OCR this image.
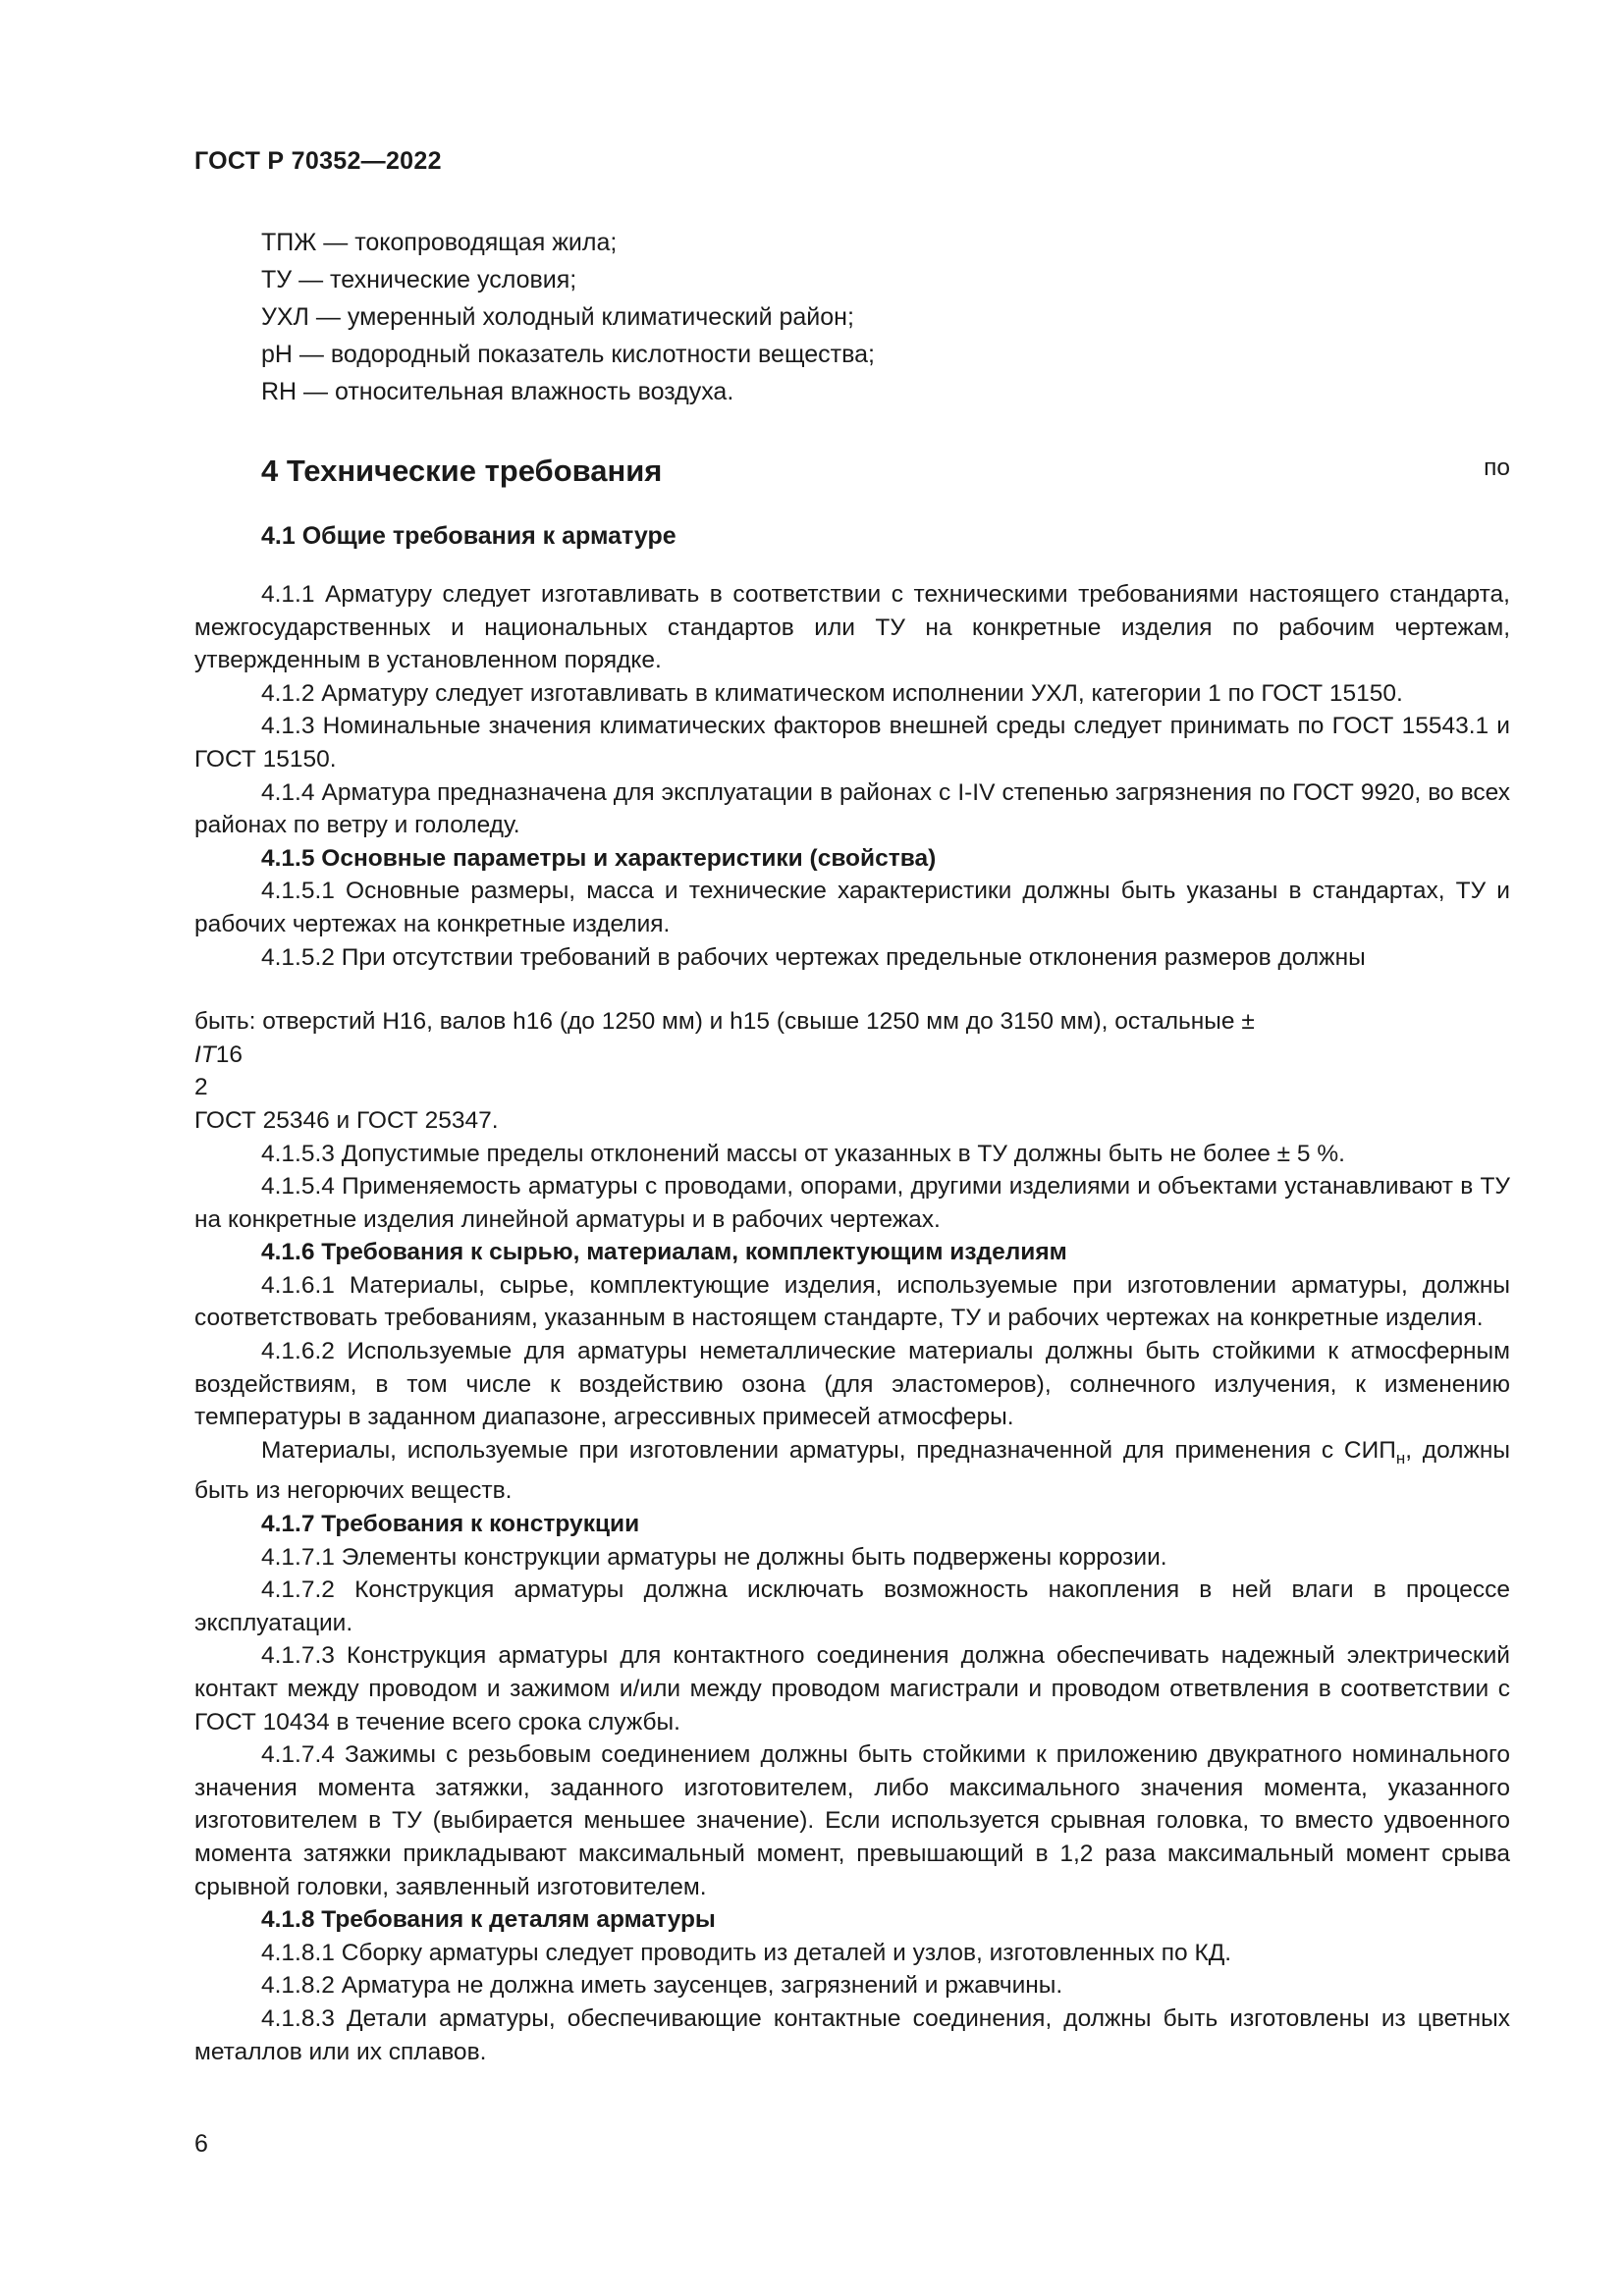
ГОСТ Р 70352—2022
ТПЖ — токопроводящая жила;
ТУ — технические условия;
УХЛ — умеренный холодный климатический район;
pH — водородный показатель кислотности вещества;
RH — относительная влажность воздуха.
4 Технические требования
4.1 Общие требования к арматуре

4.1.1 Арматуру следует изготавливать в соответствии с техническими требованиями настоящего стандарта, межгосударственных и национальных стандартов или ТУ на конкретные изделия по рабочим чертежам, утвержденным в установленном порядке.

4.1.2 Арматуру следует изготавливать в климатическом исполнении УХЛ, категории 1 по ГОСТ 15150.

4.1.3 Номинальные значения климатических факторов внешней среды следует принимать по ГОСТ 15543.1 и ГОСТ 15150.

4.1.4 Арматура предназначена для эксплуатации в районах с I-IV степенью загрязнения по ГОСТ 9920, во всех районах по ветру и гололеду.

4.1.5 Основные параметры и характеристики (свойства)

4.1.5.1 Основные размеры, масса и технические характеристики должны быть указаны в стандартах, ТУ и рабочих чертежах на конкретные изделия.

4.1.5.2 При отсутствии требований в рабочих чертежах предельные отклонения размеров должны

быть: отверстий H16, валов h16 (до 1250 мм) и h15 (свыше 1250 мм до 3150 мм), остальные ±

IT16
2
по

ГОСТ 25346 и ГОСТ 25347.

4.1.5.3 Допустимые пределы отклонений массы от указанных в ТУ должны быть не более ± 5 %.

4.1.5.4 Применяемость арматуры с проводами, опорами, другими изделиями и объектами устанавливают в ТУ на конкретные изделия линейной арматуры и в рабочих чертежах.

4.1.6 Требования к сырью, материалам, комплектующим изделиям

4.1.6.1 Материалы, сырье, комплектующие изделия, используемые при изготовлении арматуры, должны соответствовать требованиям, указанным в настоящем стандарте, ТУ и рабочих чертежах на конкретные изделия.

4.1.6.2 Используемые для арматуры неметаллические материалы должны быть стойкими к атмосферным воздействиям, в том числе к воздействию озона (для эластомеров), солнечного излучения, к изменению температуры в заданном диапазоне, агрессивных примесей атмосферы.

Материалы, используемые при изготовлении арматуры, предназначенной для применения с $СИП_н$, должны быть из негорючих веществ.

4.1.7 Требования к конструкции

4.1.7.1 Элементы конструкции арматуры не должны быть подвержены коррозии.

4.1.7.2 Конструкция арматуры должна исключать возможность накопления в ней влаги в процессе эксплуатации.

4.1.7.3 Конструкция арматуры для контактного соединения должна обеспечивать надежный электрический контакт между проводом и зажимом и/или между проводом магистрали и проводом ответвления в соответствии с ГОСТ 10434 в течение всего срока службы.

4.1.7.4 Зажимы с резьбовым соединением должны быть стойкими к приложению двукратного номинального значения момента затяжки, заданного изготовителем, либо максимального значения момента, указанного изготовителем в ТУ (выбирается меньшее значение). Если используется срывная головка, то вместо удвоенного момента затяжки прикладывают максимальный момент, превышающий в 1,2 раза максимальный момент срыва срывной головки, заявленный изготовителем.

4.1.8 Требования к деталям арматуры

4.1.8.1 Сборку арматуры следует проводить из деталей и узлов, изготовленных по КД.

4.1.8.2 Арматура не должна иметь заусенцев, загрязнений и ржавчины.

4.1.8.3 Детали арматуры, обеспечивающие контактные соединения, должны быть изготовлены из цветных металлов или их сплавов.

6
